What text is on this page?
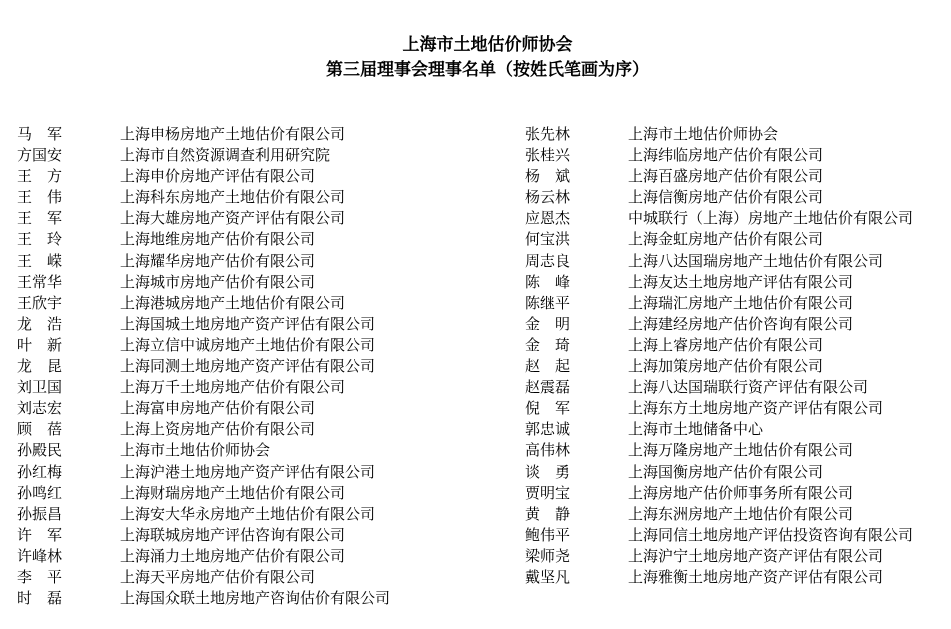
上海市土地估价师协会
第三届理事会理事名单（按姓氏笔画为序）
马　军	上海申杨房地产土地估价有限公司
方国安	上海市自然资源调查利用研究院
王　方	上海申价房地产评估有限公司
王　伟	上海科东房地产土地估价有限公司
王　军	上海大雄房地产资产评估有限公司
王　玲	上海地维房地产估价有限公司
王　嵘	上海耀华房地产估价有限公司
王常华	上海城市房地产估价有限公司
王欣宇	上海港城房地产土地估价有限公司
龙　浩	上海国城土地房地产资产评估有限公司
叶　新	上海立信中诚房地产土地估价有限公司
龙　昆	上海同测土地房地产资产评估有限公司
刘卫国	上海万千土地房地产估价有限公司
刘志宏	上海富申房地产估价有限公司
顾　蓓	上海上资房地产估价有限公司
孙殿民	上海市土地估价师协会
孙红梅	上海沪港土地房地产资产评估有限公司
孙鸣红	上海财瑞房地产土地估价有限公司
孙振昌	上海安大华永房地产土地估价有限公司
许　军	上海联城房地产评估咨询有限公司
许峰林	上海涌力土地房地产估价有限公司
李　平	上海天平房地产估价有限公司
时　磊	上海国众联土地房地产咨询估价有限公司
张先林	上海市土地估价师协会
张桂兴	上海纬临房地产估价有限公司
杨　斌	上海百盛房地产估价有限公司
杨云林	上海信衡房地产估价有限公司
应恩杰	中城联行（上海）房地产土地估价有限公司
何宝洪	上海金虹房地产估价有限公司
周志良	上海八达国瑞房地产土地估价有限公司
陈　峰	上海友达土地房地产评估有限公司
陈继平	上海瑞汇房地产土地估价有限公司
金　明	上海建经房地产估价咨询有限公司
金　琦	上海上睿房地产估价有限公司
赵　起	上海加策房地产估价有限公司
赵震磊	上海八达国瑞联行资产评估有限公司
倪　军	上海东方土地房地产资产评估有限公司
郭忠诚	上海市土地储备中心
高伟林	上海万隆房地产土地估价有限公司
谈　勇	上海国衡房地产估价有限公司
贾明宝	上海房地产估价师事务所有限公司
黄　静	上海东洲房地产土地估价有限公司
鲍伟平	上海同信土地房地产评估投资咨询有限公司
梁师尧	上海沪宁土地房地产资产评估有限公司
戴坚凡	上海雅衡土地房地产资产评估有限公司
